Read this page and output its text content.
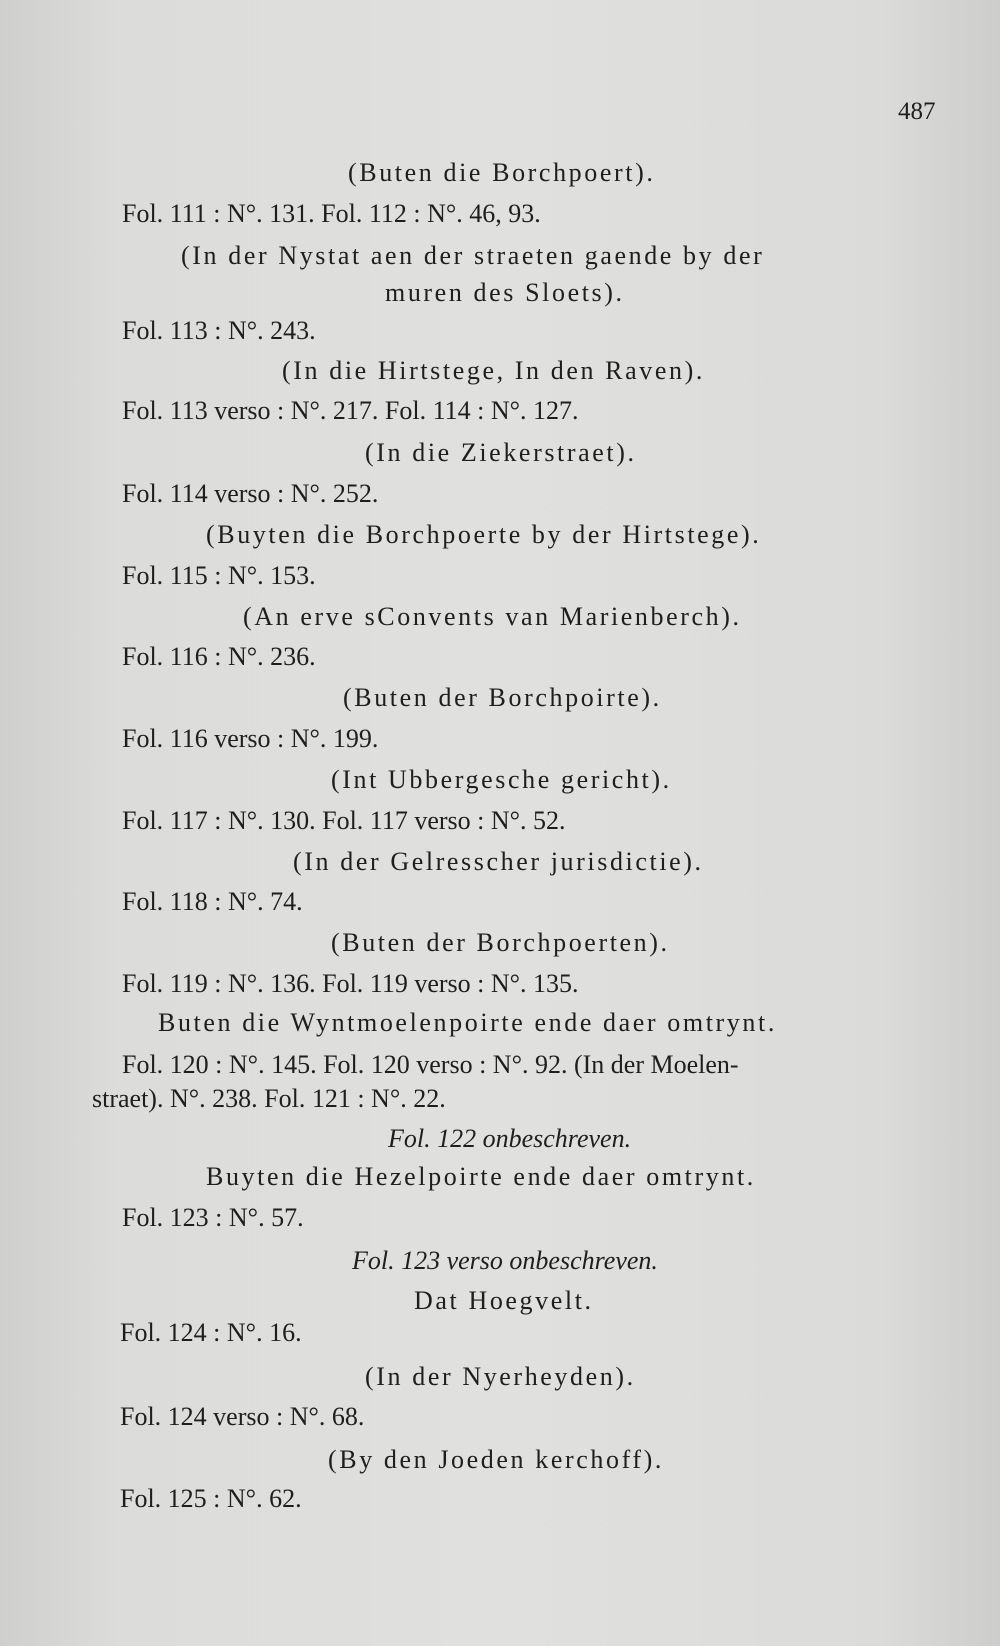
487
(Buten die Borchpoert).
Fol. 111 : N°. 131. Fol. 112 : N°. 46, 93.
(In der Nystat aen der straeten gaende by der
muren des Sloets).
Fol. 113 : N°. 243.
(In die Hirtstege, In den Raven).
Fol. 113 verso : N°. 217. Fol. 114 : N°. 127.
(In die Ziekerstraet).
Fol. 114 verso : N°. 252.
(Buyten die Borchpoerte by der Hirtstege).
Fol. 115 : N°. 153.
(An erve sConvents van Marienberch).
Fol. 116 : N°. 236.
(Buten der Borchpoirte).
Fol. 116 verso : N°. 199.
(Int Ubbergesche gericht).
Fol. 117 : N°. 130. Fol. 117 verso : N°. 52.
(In der Gelresscher jurisdictie).
Fol. 118 : N°. 74.
(Buten der Borchpoerten).
Fol. 119 : N°. 136. Fol. 119 verso : N°. 135.
Buten die Wyntmoelenpoirte ende daer omtrynt.
Fol. 120 : N°. 145. Fol. 120 verso : N°. 92. (In der Moelen-
straet). N°. 238. Fol. 121 : N°. 22.
Fol. 122 onbeschreven.
Buyten die Hezelpoirte ende daer omtrynt.
Fol. 123 : N°. 57.
Fol. 123 verso onbeschreven.
Dat Hoegvelt.
Fol. 124 : N°. 16.
(In der Nyerheyden).
Fol. 124 verso : N°. 68.
(By den Joeden kerchoff).
Fol. 125 : N°. 62.
